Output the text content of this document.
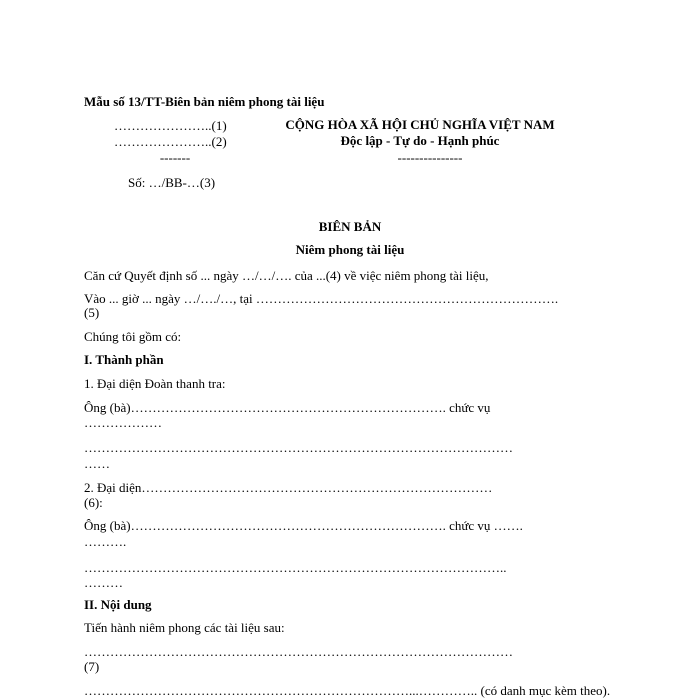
Mẫu số 13/TT-Biên bản niêm phong tài liệu
…………………..(1)
…………………..(2)
-------
CỘNG HÒA XÃ HỘI CHỦ NGHĨA VIỆT NAM
Độc lập - Tự do - Hạnh phúc
---------------
Số: …/BB-…(3)
BIÊN BẢN
Niêm phong tài liệu
Căn cứ Quyết định số ... ngày …/…/…. của ...(4) về việc niêm phong tài liệu,
Vào ... giờ ... ngày …/…./…, tại …………………………………………………………….
(5)
Chúng tôi gồm có:
I. Thành phần
1. Đại diện Đoàn thanh tra:
Ông (bà)………………………………………………………………. chức vụ
………………
………………………………………………………………………………………
……
2. Đại diện………………………………………………………………………
(6):
Ông (bà)………………………………………………………………. chức vụ …….
……….
……………………………………………………………………………………..
………
II. Nội dung
Tiến hành niêm phong các tài liệu sau:
………………………………………………………………………………………
(7)
…………………………………………………………………...………….. (có danh mục kèm theo).
